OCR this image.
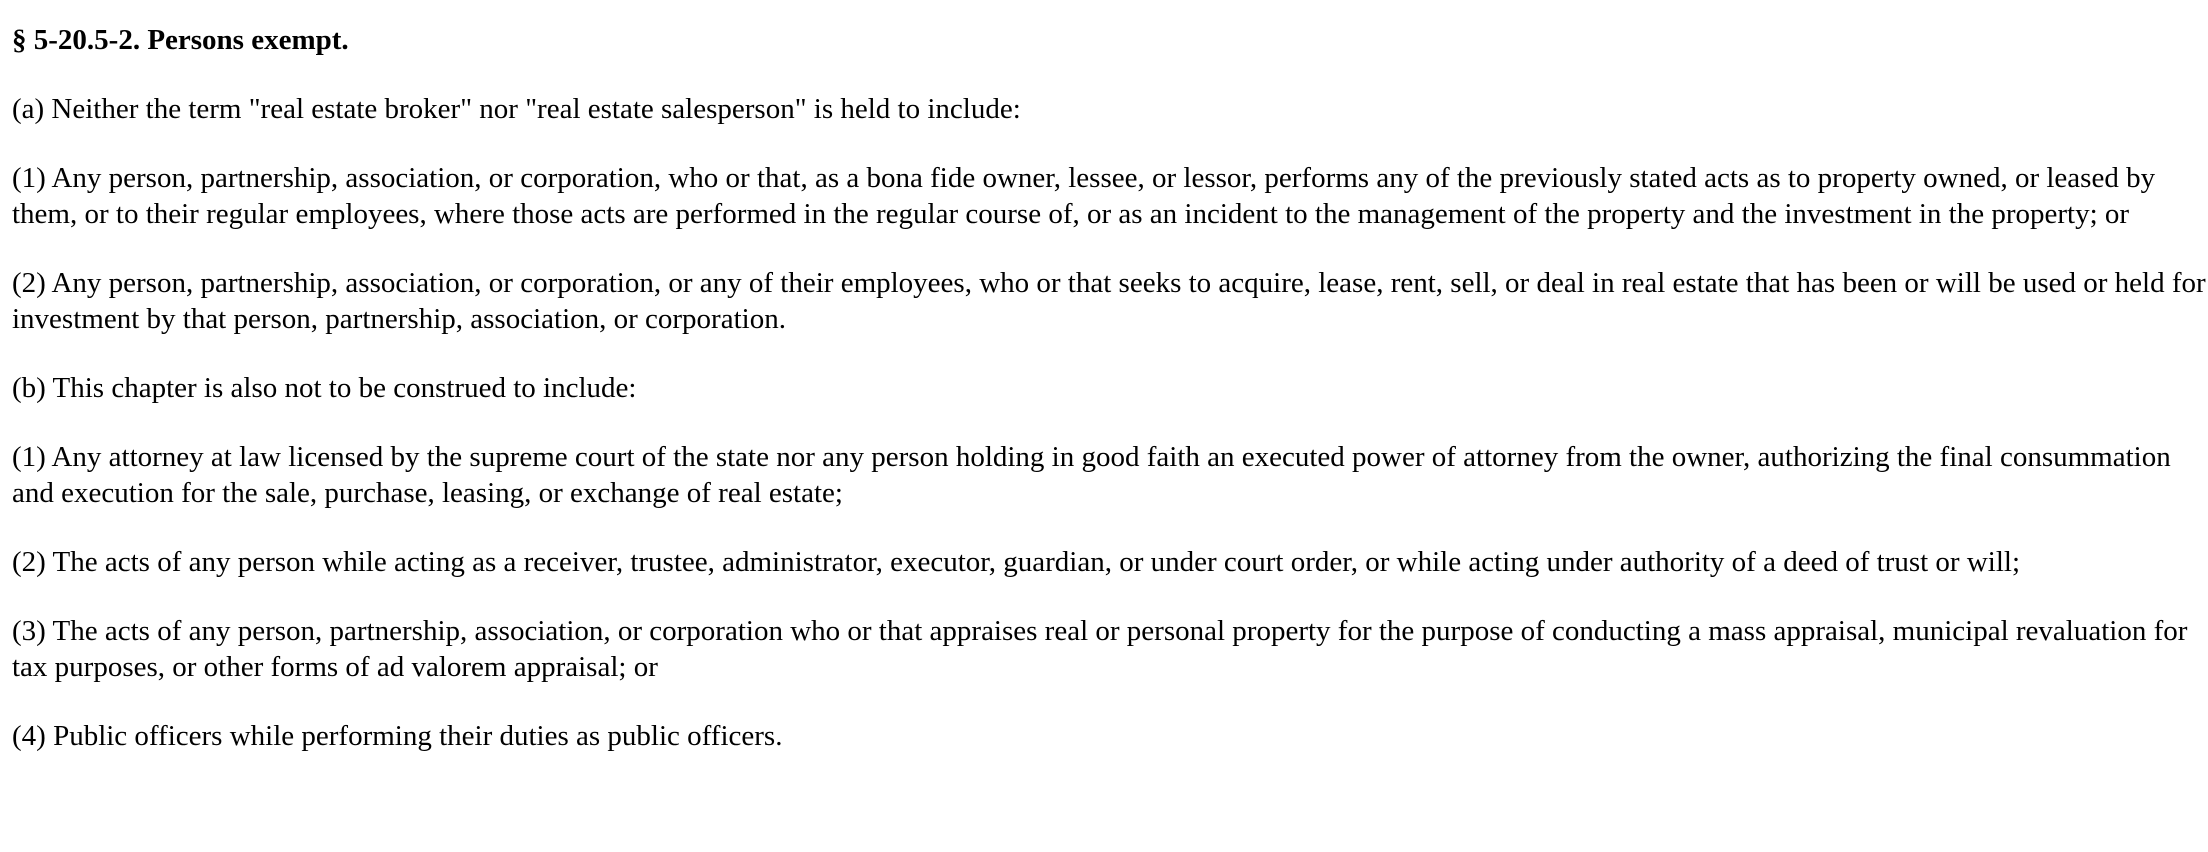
§ 5-20.5-2. Persons exempt.
(a) Neither the term "real estate broker" nor "real estate salesperson" is held to include:
(1) Any person, partnership, association, or corporation, who or that, as a bona fide owner, lessee, or lessor, performs any of the previously stated acts as to property owned, or leased by them, or to their regular employees, where those acts are performed in the regular course of, or as an incident to the management of the property and the investment in the property; or
(2) Any person, partnership, association, or corporation, or any of their employees, who or that seeks to acquire, lease, rent, sell, or deal in real estate that has been or will be used or held for investment by that person, partnership, association, or corporation.
(b) This chapter is also not to be construed to include:
(1) Any attorney at law licensed by the supreme court of the state nor any person holding in good faith an executed power of attorney from the owner, authorizing the final consummation and execution for the sale, purchase, leasing, or exchange of real estate;
(2) The acts of any person while acting as a receiver, trustee, administrator, executor, guardian, or under court order, or while acting under authority of a deed of trust or will;
(3) The acts of any person, partnership, association, or corporation who or that appraises real or personal property for the purpose of conducting a mass appraisal, municipal revaluation for tax purposes, or other forms of ad valorem appraisal; or
(4) Public officers while performing their duties as public officers.
